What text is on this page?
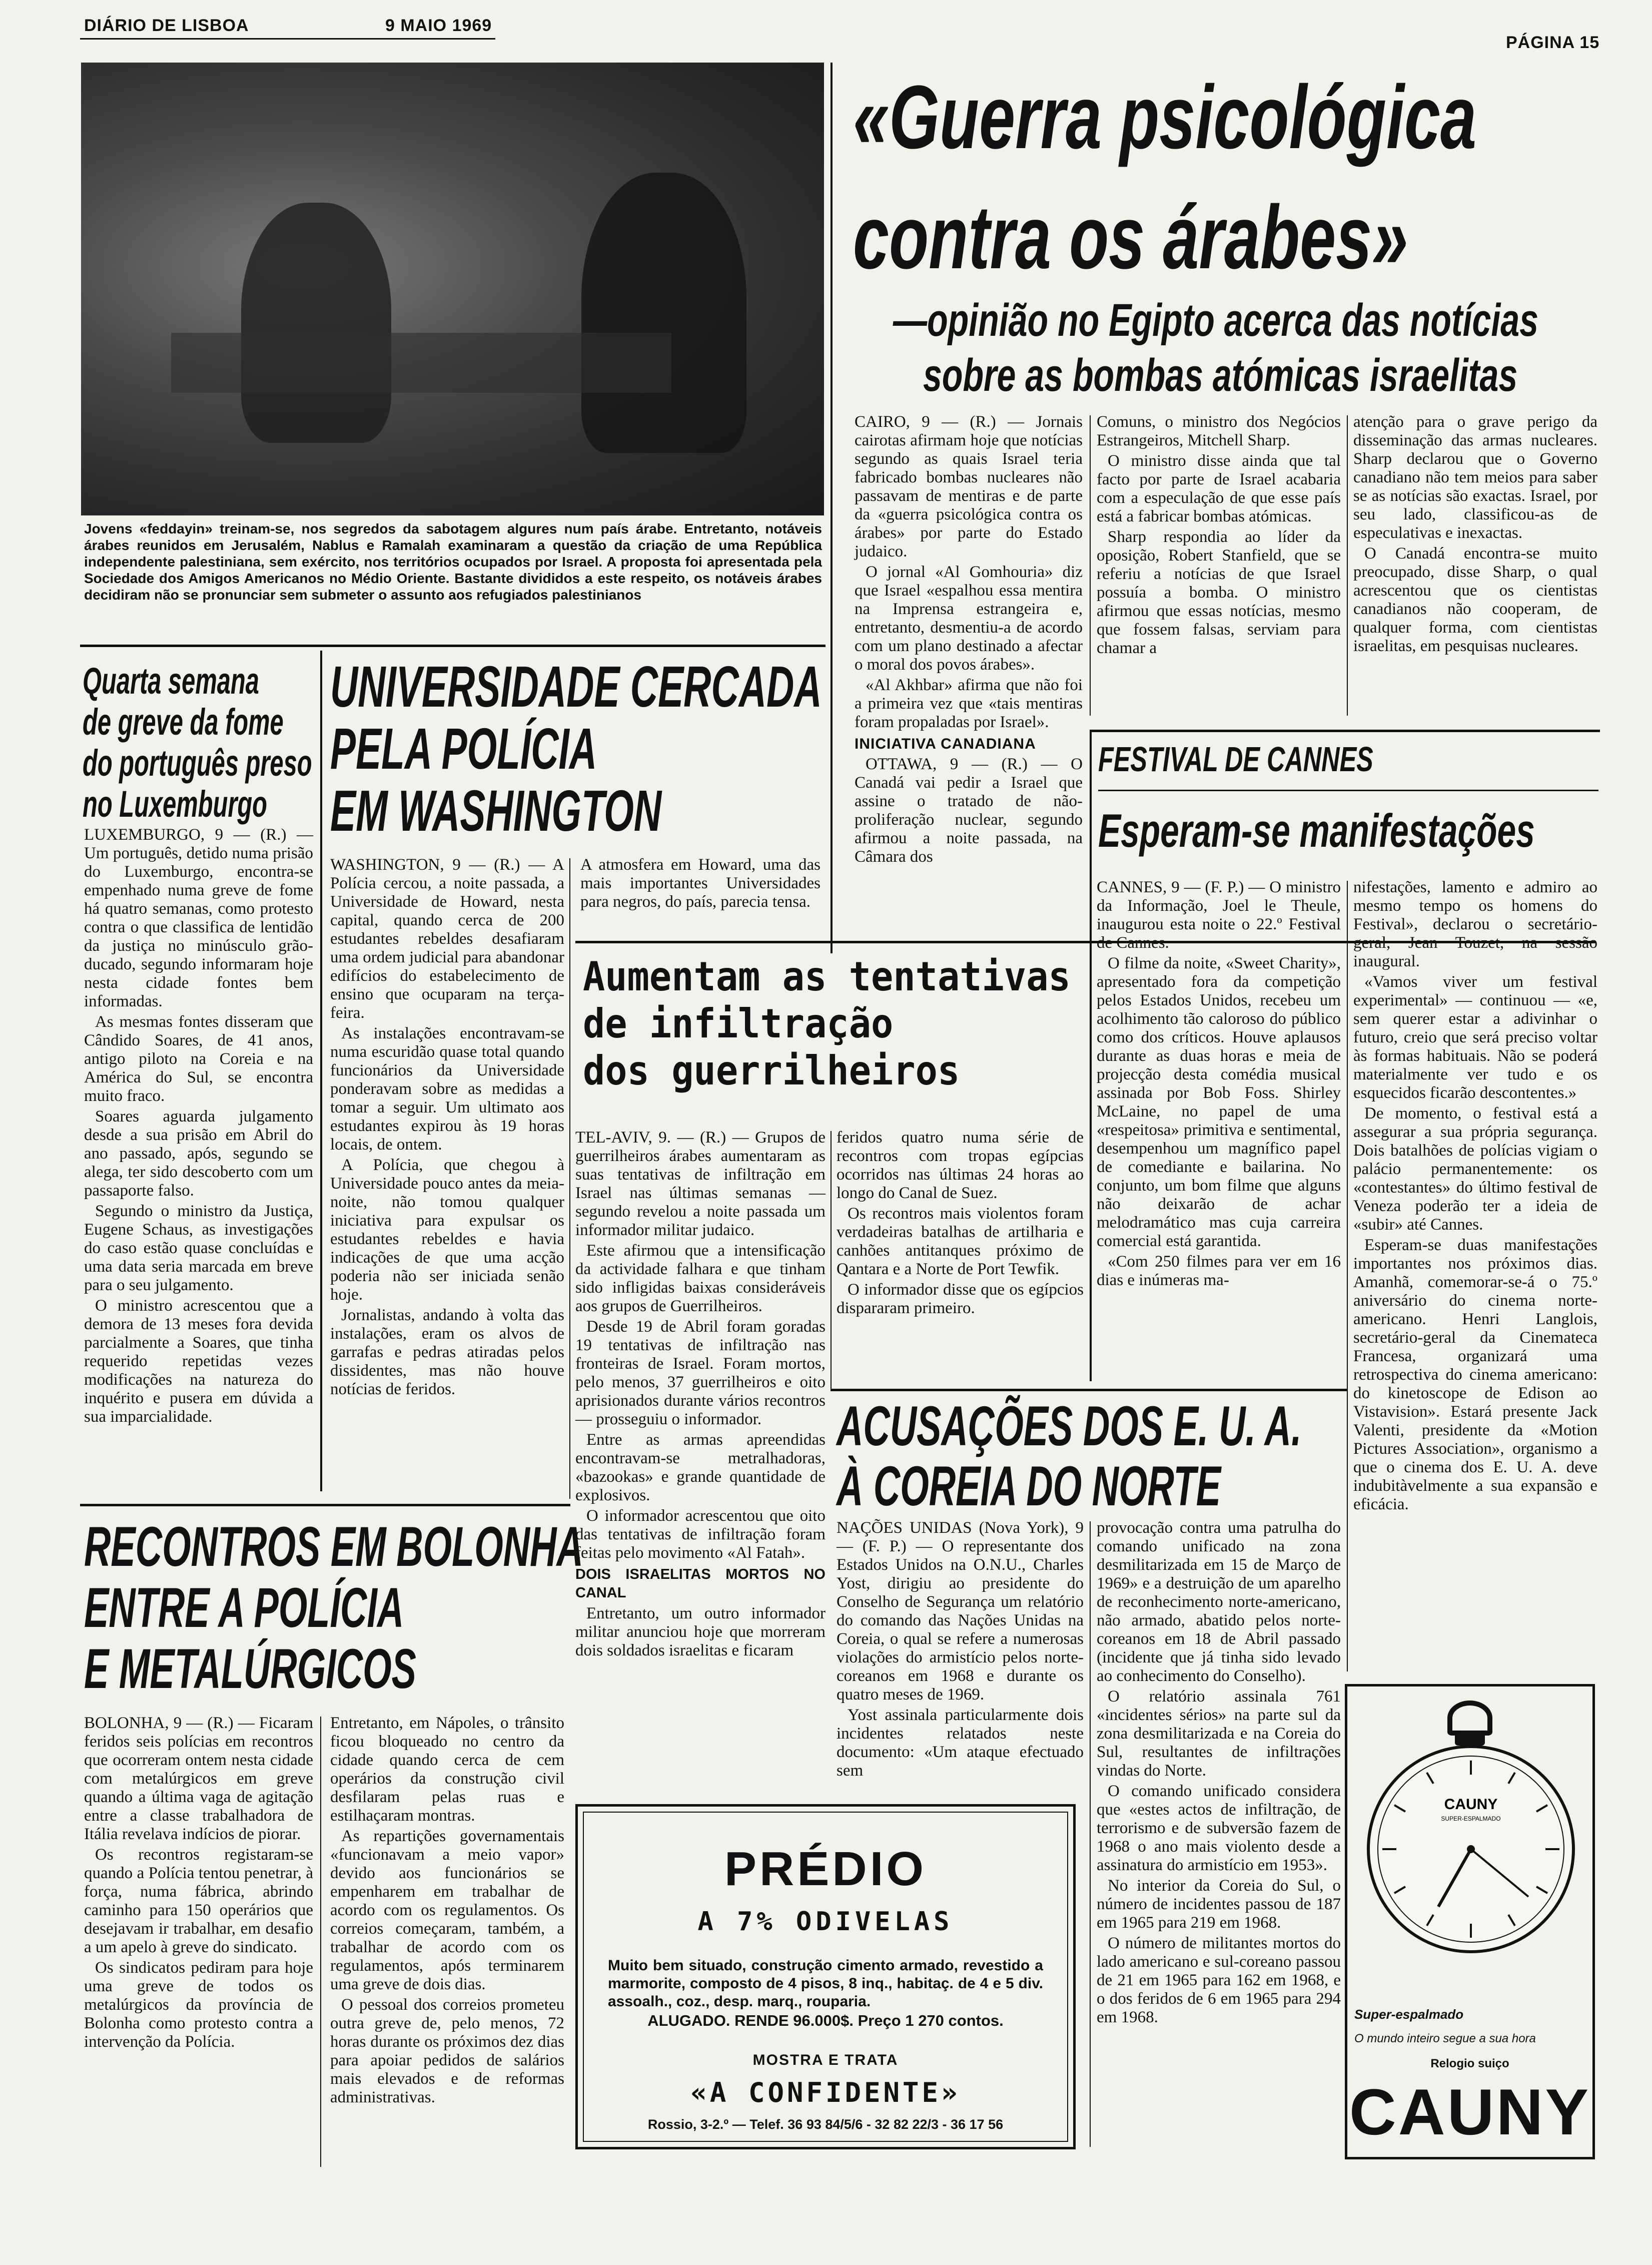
DIÁRIO DE LISBOA	9 MAIO 1969
PÁGINA 15
Jovens «feddayin» treinam-se, nos segredos da sabotagem algures num país árabe. Entretanto, notáveis árabes reunidos em Jerusalém, Nablus e Ramalah examinaram a questão da criação de uma República independente palestiniana, sem exército, nos territórios ocupados por Israel. A proposta foi apresentada pela Sociedade dos Amigos Americanos no Médio Oriente. Bastante divididos a este respeito, os notáveis árabes decidiram não se pronunciar sem submeter o assunto aos refugiados palestinianos
«Guerra psicológica
contra os árabes»
—opinião no Egipto acerca das notícias
sobre as bombas atómicas israelitas

CAIRO, 9 — (R.) — Jornais cairotas afirmam hoje que notícias segundo as quais Israel teria fabricado bombas nucleares não passavam de mentiras e de parte da «guerra psicológica contra os árabes» por parte do Estado judaico.

O jornal «Al Gomhouria» diz que Israel «espalhou essa mentira na Imprensa estrangeira e, entretanto, desmentiu-a de acordo com um plano destinado a afectar o moral dos povos árabes».

«Al Akhbar» afirma que não foi a primeira vez que «tais mentiras foram propaladas por Israel».

INICIATIVA CANADIANA

OTTAWA, 9 — (R.) — O Canadá vai pedir a Israel que assine o tratado de não-proliferação nuclear, segundo afirmou a noite passada, na Câmara dos

Comuns, o ministro dos Negócios Estrangeiros, Mitchell Sharp.

O ministro disse ainda que tal facto por parte de Israel acabaria com a especulação de que esse país está a fabricar bombas atómicas.

Sharp respondia ao líder da oposição, Robert Stanfield, que se referiu a notícias de que Israel possuía a bomba. O ministro afirmou que essas notícias, mesmo que fossem falsas, serviam para chamar a

atenção para o grave perigo da disseminação das armas nucleares. Sharp declarou que o Governo canadiano não tem meios para saber se as notícias são exactas. Israel, por seu lado, classificou-as de especulativas e inexactas.

O Canadá encontra-se muito preocupado, disse Sharp, o qual acrescentou que os cientistas canadianos não cooperam, de qualquer forma, com cientistas israelitas, em pesquisas nucleares.

Quarta semana
de greve da fome
do português preso
no Luxemburgo

LUXEMBURGO, 9 — (R.) — Um português, detido numa prisão do Luxemburgo, encontra-se empenhado numa greve de fome há quatro semanas, como protesto contra o que classifica de lentidão da justiça no minúsculo grão-ducado, segundo informaram hoje nesta cidade fontes bem informadas.

As mesmas fontes disseram que Cândido Soares, de 41 anos, antigo piloto na Coreia e na América do Sul, se encontra muito fraco.

Soares aguarda julgamento desde a sua prisão em Abril do ano passado, após, segundo se alega, ter sido descoberto com um passaporte falso.

Segundo o ministro da Justiça, Eugene Schaus, as investigações do caso estão quase concluídas e uma data seria marcada em breve para o seu julgamento.

O ministro acrescentou que a demora de 13 meses fora devida parcialmente a Soares, que tinha requerido repetidas vezes modificações na natureza do inquérito e pusera em dúvida a sua imparcialidade.

UNIVERSIDADE CERCADA
PELA POLÍCIA
EM WASHINGTON

WASHINGTON, 9 — (R.) — A Polícia cercou, a noite passada, a Universidade de Howard, nesta capital, quando cerca de 200 estudantes rebeldes desafiaram uma ordem judicial para abandonar edifícios do estabelecimento de ensino que ocuparam na terça-feira.

As instalações encontravam-se numa escuridão quase total quando funcionários da Universidade ponderavam sobre as medidas a tomar a seguir. Um ultimato aos estudantes expirou às 19 horas locais, de ontem.

A Polícia, que chegou à Universidade pouco antes da meia-noite, não tomou qualquer iniciativa para expulsar os estudantes rebeldes e havia indicações de que uma acção poderia não ser iniciada senão hoje.

Jornalistas, andando à volta das instalações, eram os alvos de garrafas e pedras atiradas pelos dissidentes, mas não houve notícias de feridos.

A atmosfera em Howard, uma das mais importantes Universidades para negros, do país, parecia tensa.

Aumentam as tentativas
de infiltração
dos guerrilheiros

TEL-AVIV, 9. — (R.) — Grupos de guerrilheiros árabes aumentaram as suas tentativas de infiltração em Israel nas últimas semanas — segundo revelou a noite passada um informador militar judaico.

Este afirmou que a intensificação da actividade falhara e que tinham sido infligidas baixas consideráveis aos grupos de Guerrilheiros.

Desde 19 de Abril foram goradas 19 tentativas de infiltração nas fronteiras de Israel. Foram mortos, pelo menos, 37 guerrilheiros e oito aprisionados durante vários recontros — prosseguiu o informador.

Entre as armas apreendidas encontravam-se metralhadoras, «bazookas» e grande quantidade de explosivos.

O informador acrescentou que oito das tentativas de infiltração foram feitas pelo movimento «Al Fatah».

DOIS ISRAELITAS MORTOS NO CANAL

Entretanto, um outro informador militar anunciou hoje que morreram dois soldados israelitas e ficaram

feridos quatro numa série de recontros com tropas egípcias ocorridos nas últimas 24 horas ao longo do Canal de Suez.

Os recontros mais violentos foram verdadeiras batalhas de artilharia e canhões antitanques próximo de Qantara e a Norte de Port Tewfik.

O informador disse que os egípcios dispararam primeiro.

FESTIVAL DE CANNES
Esperam-se manifestações

CANNES, 9 — (F. P.) — O ministro da Informação, Joel le Theule, inaugurou esta noite o 22.º Festival de Cannes.

O filme da noite, «Sweet Charity», apresentado fora da competição pelos Estados Unidos, recebeu um acolhimento tão caloroso do público como dos críticos. Houve aplausos durante as duas horas e meia de projecção desta comédia musical assinada por Bob Foss. Shirley McLaine, no papel de uma «respeitosa» primitiva e sentimental, desempenhou um magnífico papel de comediante e bailarina. No conjunto, um bom filme que alguns não deixarão de achar melodramático mas cuja carreira comercial está garantida.

«Com 250 filmes para ver em 16 dias e inúmeras ma-

nifestações, lamento e admiro ao mesmo tempo os homens do Festival», declarou o secretário-geral, Jean Touzet, na sessão inaugural.

«Vamos viver um festival experimental» — continuou — «e, sem querer estar a adivinhar o futuro, creio que será preciso voltar às formas habituais. Não se poderá materialmente ver tudo e os esquecidos ficarão descontentes.»

De momento, o festival está a assegurar a sua própria segurança. Dois batalhões de polícias vigiam o palácio permanentemente: os «contestantes» do último festival de Veneza poderão ter a ideia de «subir» até Cannes.

Esperam-se duas manifestações importantes nos próximos dias. Amanhã, comemorar-se-á o 75.º aniversário do cinema norte-americano. Henri Langlois, secretário-geral da Cinemateca Francesa, organizará uma retrospectiva do cinema americano: do kinetoscope de Edison ao Vistavision». Estará presente Jack Valenti, presidente da «Motion Pictures Association», organismo a que o cinema dos E. U. A. deve indubitàvelmente a sua expansão e eficácia.

ACUSAÇÕES DOS E. U. A.
À COREIA DO NORTE

NAÇÕES UNIDAS (Nova York), 9 — (F. P.) — O representante dos Estados Unidos na O.N.U., Charles Yost, dirigiu ao presidente do Conselho de Segurança um relatório do comando das Nações Unidas na Coreia, o qual se refere a numerosas violações do armistício pelos norte-coreanos em 1968 e durante os quatro meses de 1969.

Yost assinala particularmente dois incidentes relatados neste documento: «Um ataque efectuado sem

provocação contra uma patrulha do comando unificado na zona desmilitarizada em 15 de Março de 1969» e a destruição de um aparelho de reconhecimento norte-americano, não armado, abatido pelos norte-coreanos em 18 de Abril passado (incidente que já tinha sido levado ao conhecimento do Conselho).

O relatório assinala 761 «incidentes sérios» na parte sul da zona desmilitarizada e na Coreia do Sul, resultantes de infiltrações vindas do Norte.

O comando unificado considera que «estes actos de infiltração, de terrorismo e de subversão fazem de 1968 o ano mais violento desde a assinatura do armistício em 1953».

No interior da Coreia do Sul, o número de incidentes passou de 187 em 1965 para 219 em 1968.

O número de militantes mortos do lado americano e sul-coreano passou de 21 em 1965 para 162 em 1968, e o dos feridos de 6 em 1965 para 294 em 1968.

RECONTROS EM BOLONHA
ENTRE A POLÍCIA
E METALÚRGICOS

BOLONHA, 9 — (R.) — Ficaram feridos seis polícias em recontros que ocorreram ontem nesta cidade com metalúrgicos em greve quando a última vaga de agitação entre a classe trabalhadora de Itália revelava indícios de piorar.

Os recontros registaram-se quando a Polícia tentou penetrar, à força, numa fábrica, abrindo caminho para 150 operários que desejavam ir trabalhar, em desafio a um apelo à greve do sindicato.

Os sindicatos pediram para hoje uma greve de todos os metalúrgicos da província de Bolonha como protesto contra a intervenção da Polícia.

Entretanto, em Nápoles, o trânsito ficou bloqueado no centro da cidade quando cerca de cem operários da construção civil desfilaram pelas ruas e estilhaçaram montras.

As repartições governamentais «funcionavam a meio vapor» devido aos funcionários se empenharem em trabalhar de acordo com os regulamentos. Os correios começaram, também, a trabalhar de acordo com os regulamentos, após terminarem uma greve de dois dias.

O pessoal dos correios prometeu outra greve de, pelo menos, 72 horas durante os próximos dez dias para apoiar pedidos de salários mais elevados e de reformas administrativas.

PRÉDIO
A 7% ODIVELAS
Muito bem situado, construção cimento armado, revestido a marmorite, composto de 4 pisos, 8 inq., habitaç. de 4 e 5 div. assoalh., coz., desp. marq., rouparia.
ALUGADO. RENDE 96.000$. Preço 1 270 contos.
MOSTRA E TRATA
«A CONFIDENTE»
Rossio, 3-2.º — Telef. 36 93 84/5/6 - 32 82 22/3 - 36 17 56
CAUNY
SUPER-ESPALMADO
Super-espalmado
O mundo inteiro segue a sua hora
Relogio suiço
CAUNY
